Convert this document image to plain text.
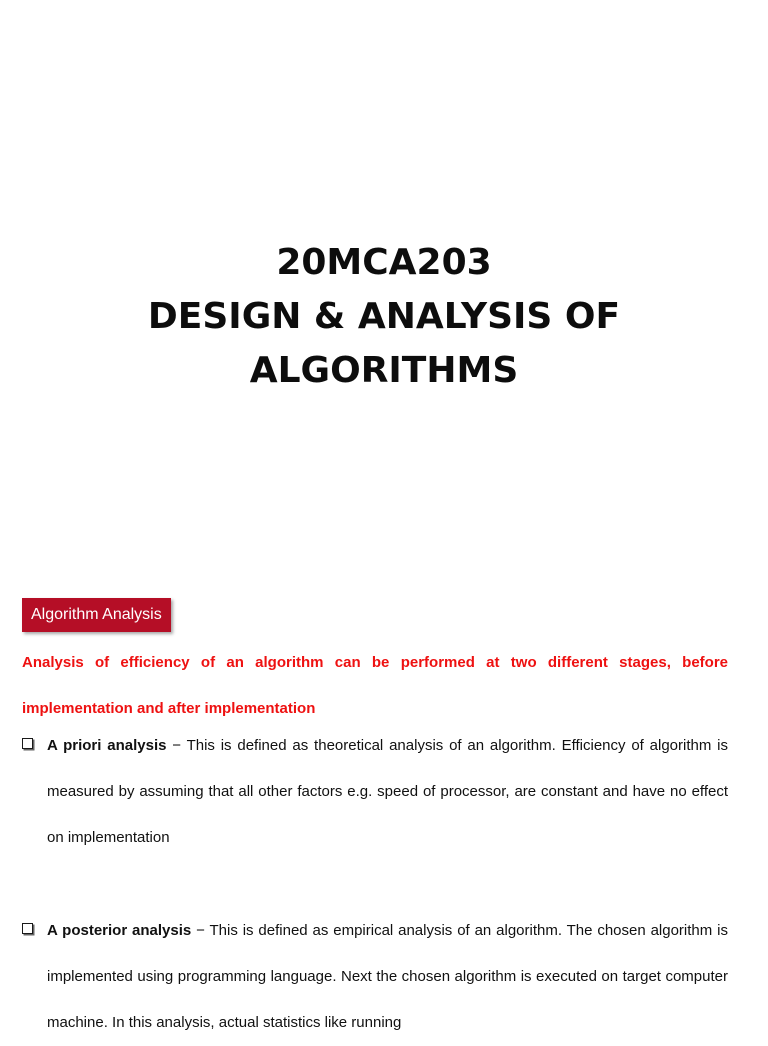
20MCA203
DESIGN & ANALYSIS OF
ALGORITHMS
Algorithm Analysis
Analysis of efficiency of an algorithm can be performed at two different stages, before implementation and after implementation
A priori analysis − This is defined as theoretical analysis of an algorithm. Efficiency of algorithm is measured by assuming that all other factors e.g. speed of processor, are constant and have no effect on implementation
A posterior analysis − This is defined as empirical analysis of an algorithm. The chosen algorithm is implemented using programming language. Next the chosen algorithm is executed on target computer machine. In this analysis, actual statistics like running
